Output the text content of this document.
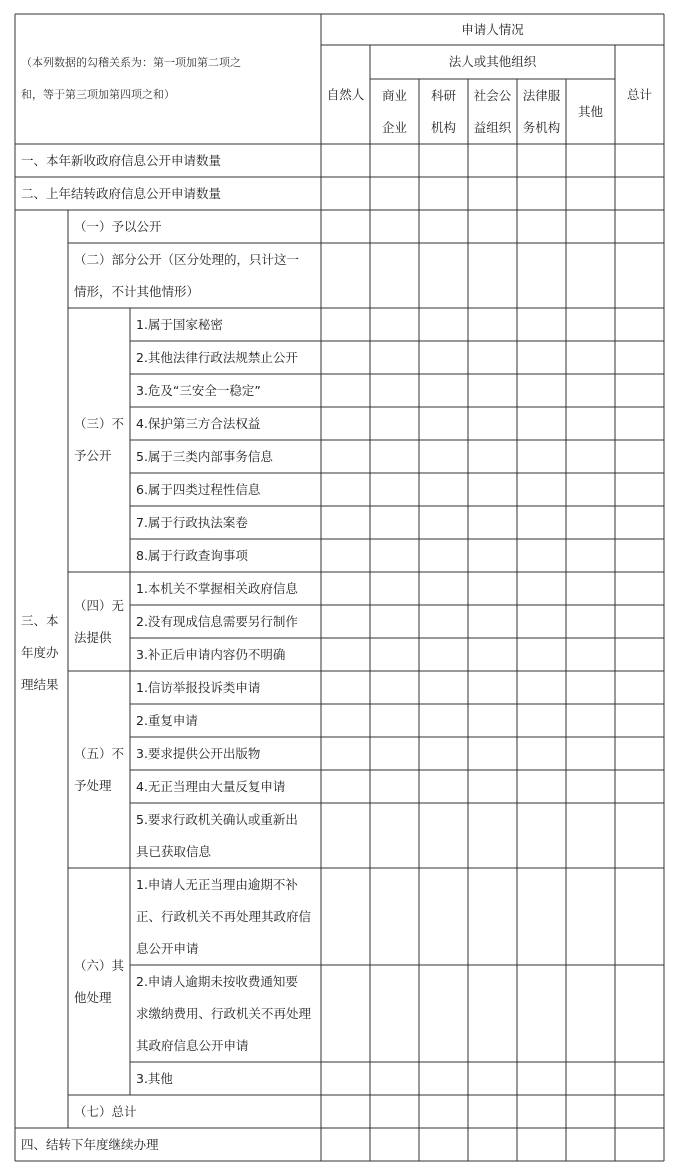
（本列数据的勾稽关系为：第一项加第二项之
和，等于第三项加第四项之和）
申请人情况
自然人
法人或其他组织
商业
企业
科研
机构
社会公
益组织
法律服
务机构
其他
总计
一、本年新收政府信息公开申请数量
二、上年结转政府信息公开申请数量
三、本
年度办
理结果
（一）予以公开
（二）部分公开（区分处理的，只计这一
情形，不计其他情形）
（三）不
予公开
1.属于国家秘密
2.其他法律行政法规禁止公开
3.危及“三安全一稳定”
4.保护第三方合法权益
5.属于三类内部事务信息
6.属于四类过程性信息
7.属于行政执法案卷
8.属于行政查询事项
（四）无
法提供
1.本机关不掌握相关政府信息
2.没有现成信息需要另行制作
3.补正后申请内容仍不明确
（五）不
予处理
1.信访举报投诉类申请
2.重复申请
3.要求提供公开出版物
4.无正当理由大量反复申请
5.要求行政机关确认或重新出
具已获取信息
（六）其
他处理
1.申请人无正当理由逾期不补
正、行政机关不再处理其政府信
息公开申请
2.申请人逾期未按收费通知要
求缴纳费用、行政机关不再处理
其政府信息公开申请
3.其他
（七）总计
四、结转下年度继续办理
